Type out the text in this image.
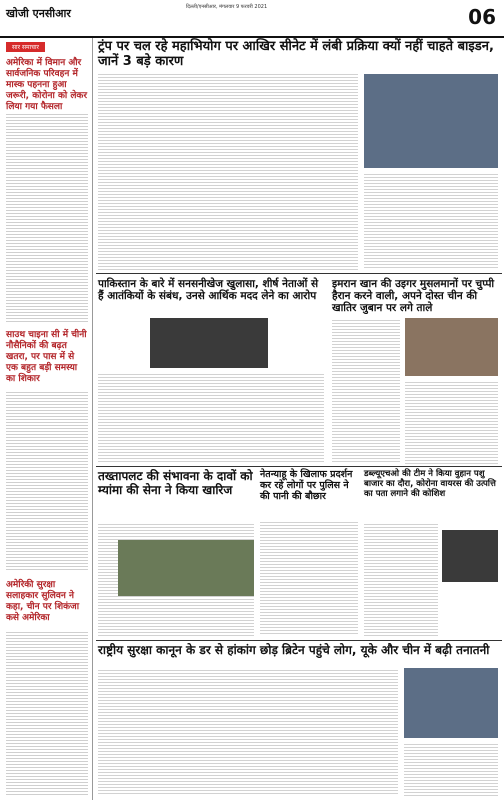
खोजी एनसीआर	दिल्ली/एनसीआर, मंगलवार 9 फरवरी 2021	06
सार समाचार
अमेरिका में विमान और सार्वजनिक परिवहन में मास्क पहनना हुआ जरूरी, कोरोना को लेकर लिया गया फैसला
साउथ चाइना सी में चीनी नौसैनिकों की बढ़त खतरा, पर पास में से एक बहुत बड़ी समस्या का शिकार
अमेरिकी सुरक्षा सलाहकार सुलिवन ने कहा, चीन पर शिकंजा कसे अमेरिका
ट्रंप पर चल रहे महाभियोग पर आखिर सीनेट में लंबी प्रक्रिया क्यों नहीं चाहते बाइडन, जानें 3 बड़े कारण
पाकिस्तान के बारे में सनसनीखेज खुलासा, शीर्ष नेताओं से हैं आतंकियों के संबंध, उनसे आर्थिक मदद लेने का आरोप
इमरान खान की उइगर मुसलमानों पर चुप्पी हैरान करने वाली, अपने दोस्त चीन की खातिर जुबान पर लगे ताले
तख्तापलट की संभावना के दावों को म्यांमा की सेना ने किया खारिज
नेतन्याहू के खिलाफ प्रदर्शन कर रहे लोगों पर पुलिस ने की पानी की बौछार
डब्ल्यूएचओ की टीम ने किया वुहान पशु बाजार का दौरा, कोरोना वायरस की उत्पत्ति का पता लगाने की कोशिश
राष्ट्रीय सुरक्षा कानून के डर से हांकांग छोड़ ब्रिटेन पहुंचे लोग, यूके और चीन में बढ़ी तनातनी
